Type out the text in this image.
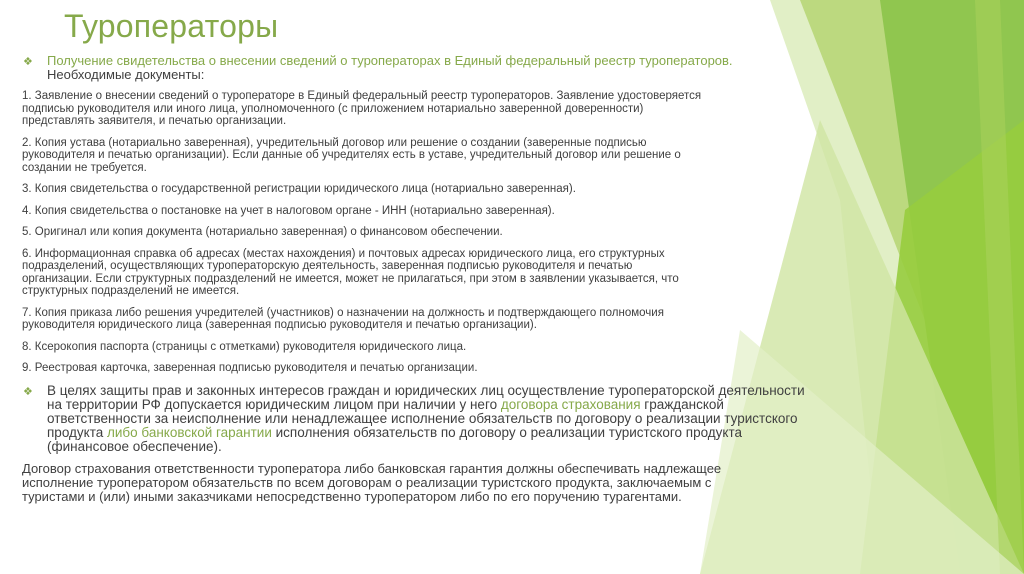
Туроператоры
❖	Получение свидетельства о внесении сведений о туроператорах в Единый федеральный реестр туроператоров.
Необходимые документы:
1. Заявление о внесении сведений о туроператоре в Единый федеральный реестр туроператоров. Заявление удостоверяется
подписью руководителя или иного лица, уполномоченного (с приложением нотариально заверенной доверенности)
представлять заявителя, и печатью организации.
2. Копия устава (нотариально заверенная), учредительный договор или решение о создании (заверенные подписью
руководителя и печатью организации). Если данные об учредителях есть в уставе, учредительный договор или решение о
создании не требуется.
3. Копия свидетельства о государственной регистрации юридического лица (нотариально заверенная).
4. Копия свидетельства о постановке на учет в налоговом органе - ИНН (нотариально заверенная).
5. Оригинал или копия документа (нотариально заверенная) о финансовом обеспечении.
6. Информационная справка об адресах (местах нахождения) и почтовых адресах юридического лица, его структурных
подразделений, осуществляющих туроператорскую деятельность, заверенная подписью руководителя и печатью
организации. Если структурных подразделений не имеется, может не прилагаться, при этом в заявлении указывается, что
структурных подразделений не имеется.
7. Копия приказа либо решения учредителей (участников) о назначении на должность и подтверждающего полномочия
руководителя юридического лица (заверенная подписью руководителя и печатью организации).
8. Ксерокопия паспорта (страницы с отметками) руководителя юридического лица.
9. Реестровая карточка, заверенная подписью руководителя и печатью организации.
❖	В целях защиты прав и законных интересов граждан и юридических лиц осуществление туроператорской деятельности на территории РФ допускается юридическим лицом при наличии у него договора страхования гражданской ответственности за неисполнение или ненадлежащее исполнение обязательств по договору о реализации туристского продукта либо банковской гарантии исполнения обязательств по договору о реализации туристского продукта (финансовое обеспечение).
Договор страхования ответственности туроператора либо банковская гарантия должны обеспечивать надлежащее
исполнение туроператором обязательств по всем договорам о реализации туристского продукта, заключаемым с
туристами и (или) иными заказчиками непосредственно туроператором либо по его поручению турагентами.
